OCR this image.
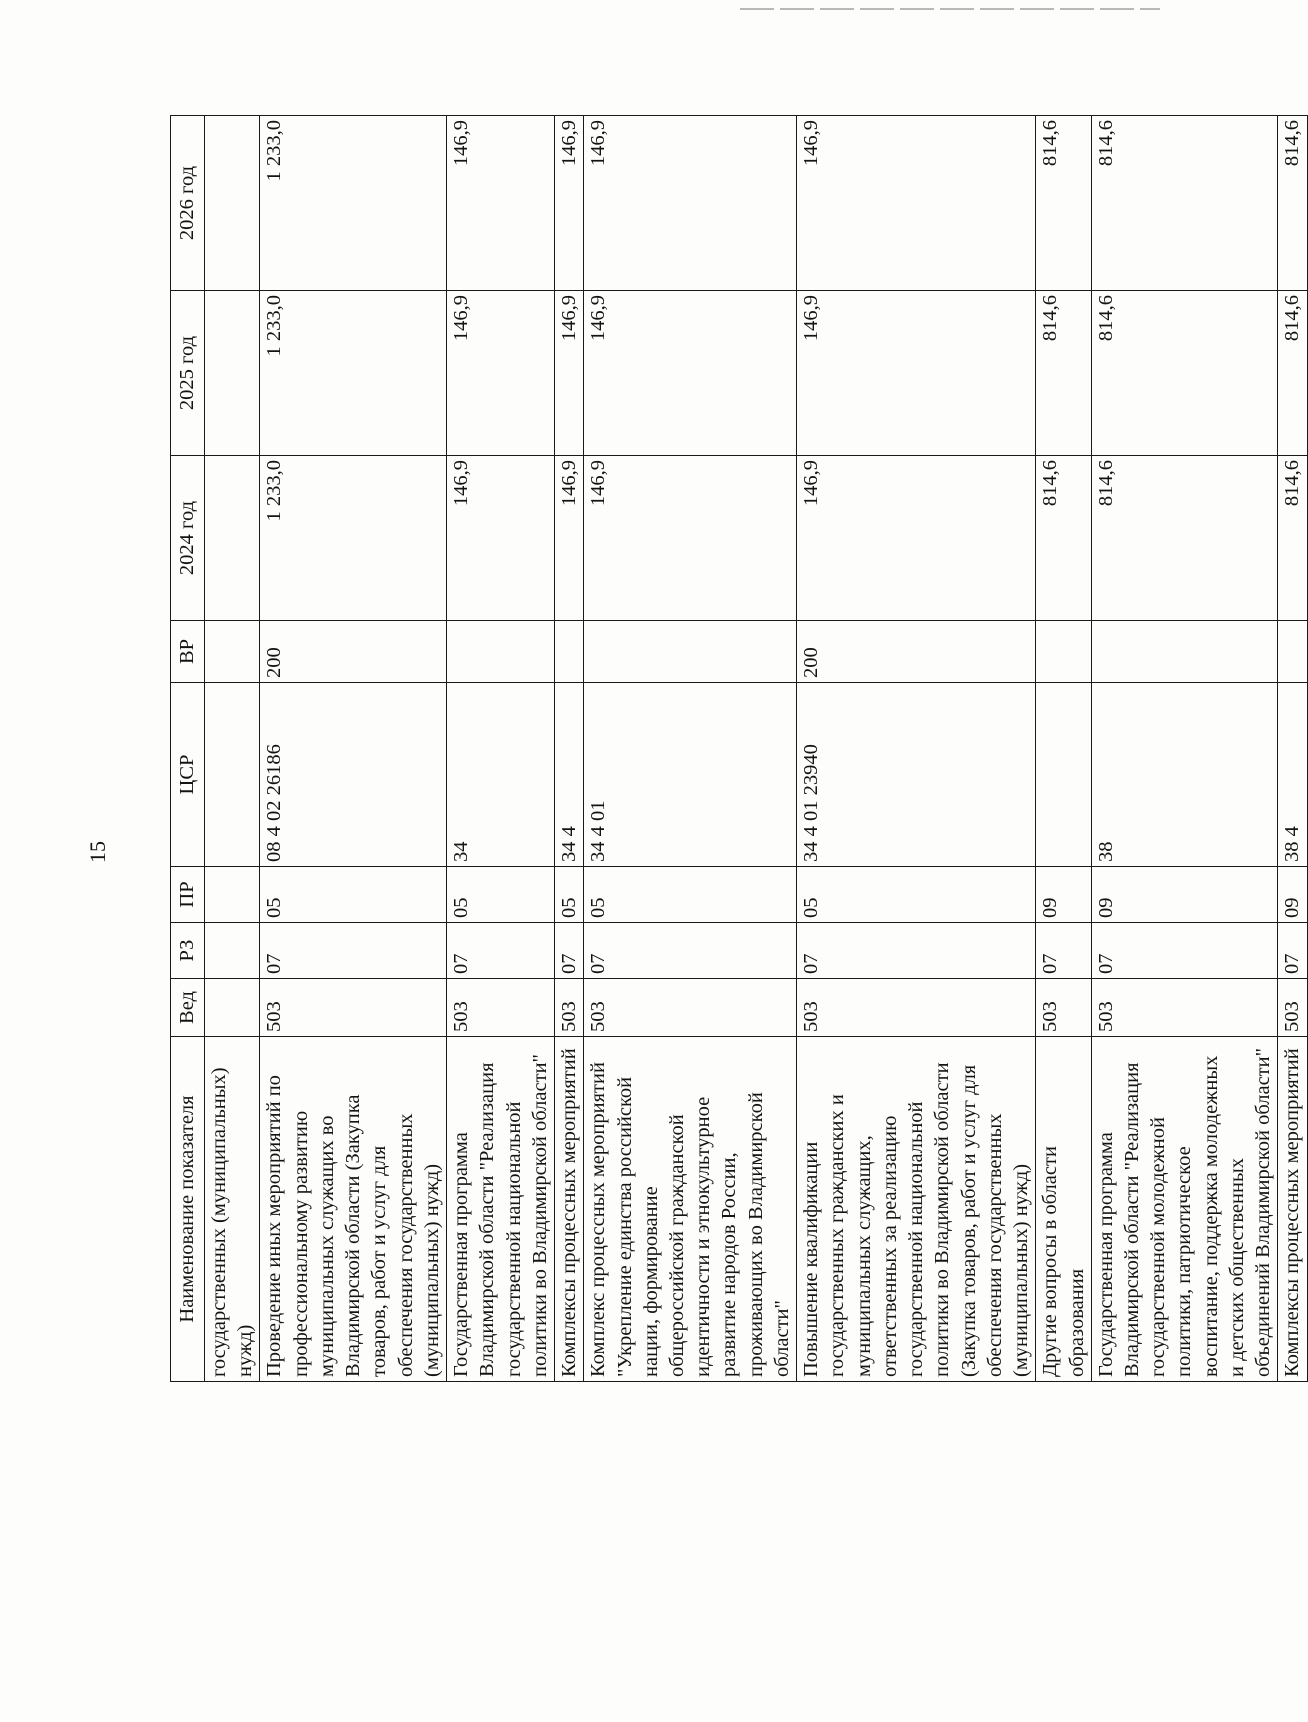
15
Наименование показателя	Вед	РЗ	ПР	ЦСР	ВР	2024 год	2025 год	2026 год
государственных (муниципальных) нужд)								
Проведение иных мероприятий по профессиональному развитию муниципальных служащих во Владимирской области (Закупка товаров, работ и услуг для обеспечения государственных (муниципальных) нужд)	503	07	05	08 4 02 26186	200	1 233,0	1 233,0	1 233,0
Государственная программа Владимирской области "Реализация государственной национальной политики во Владимирской области"	503	07	05	34		146,9	146,9	146,9
Комплексы процессных мероприятий	503	07	05	34 4		146,9	146,9	146,9
Комплекс процессных мероприятий "Укрепление единства российской нации, формирование общероссийской гражданской идентичности и этнокультурное развитие народов России, проживающих во Владимирской области"	503	07	05	34 4 01		146,9	146,9	146,9
Повышение квалификации государственных гражданских и муниципальных служащих, ответственных за реализацию государственной национальной политики во Владимирской области (Закупка товаров, работ и услуг для обеспечения государственных (муниципальных) нужд)	503	07	05	34 4 01 23940	200	146,9	146,9	146,9
Другие вопросы в области образования	503	07	09			814,6	814,6	814,6
Государственная программа Владимирской области "Реализация государственной молодежной политики, патриотическое воспитание, поддержка молодежных и детских общественных объединений Владимирской области"	503	07	09	38		814,6	814,6	814,6
Комплексы процессных мероприятий	503	07	09	38 4		814,6	814,6	814,6
